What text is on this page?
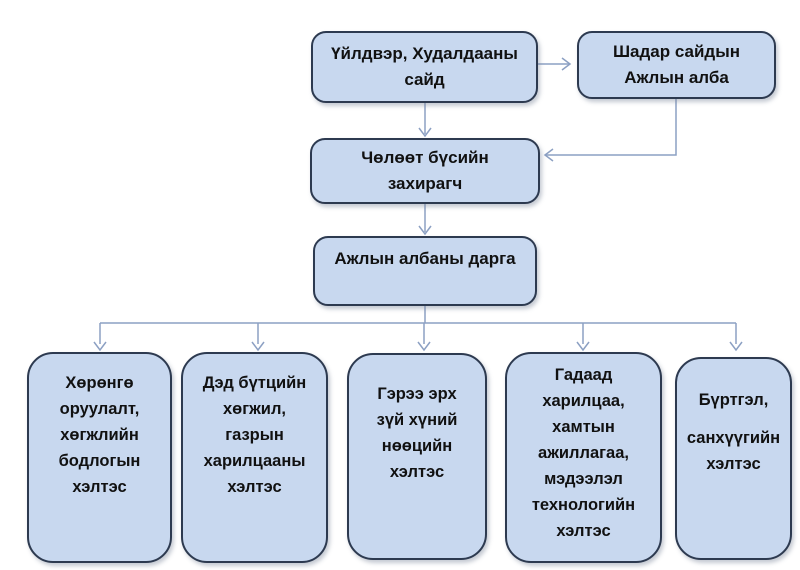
Үйлдвэр, Худалдааны
сайд
Шадар сайдын
Ажлын алба
Чөлөөт бүсийн
захирагч
Ажлын албаны дарга
Хөрөнгө
оруулалт,
хөгжлийн
бодлогын
хэлтэс
Дэд бүтцийн
хөгжил,
газрын
харилцааны
хэлтэс
Гэрээ эрх
зүй хүний
нөөцийн
хэлтэс
Гадаад
харилцаа,
хамтын
ажиллагаа,
мэдээлэл
технологийн
хэлтэс
Бүртгэл,
санхүүгийн
хэлтэс
